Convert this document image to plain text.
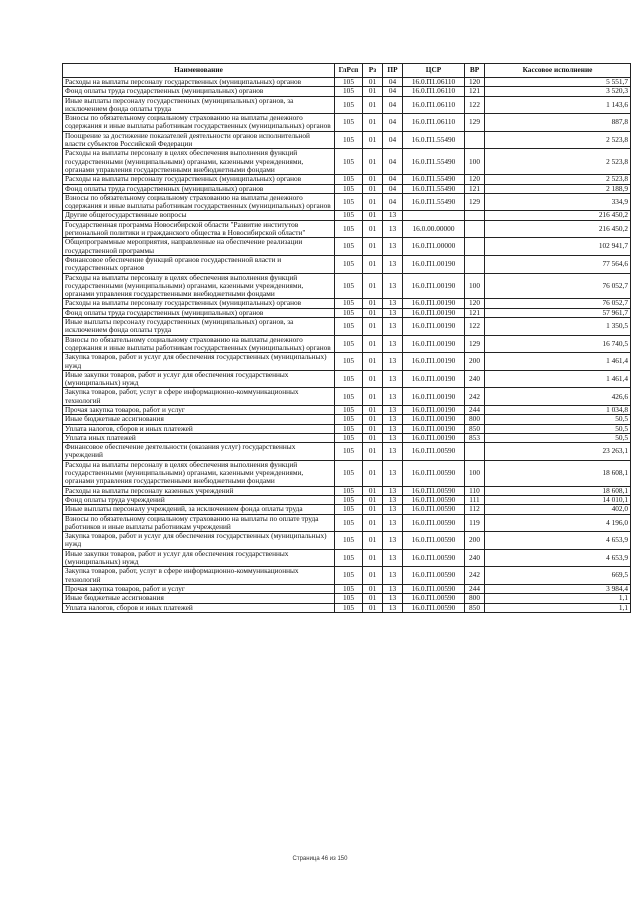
Наименование	ГлРсп	Рз	ПР	ЦСР	ВР	Кассовое исполнение
Расходы на выплаты персоналу государственных (муниципальных) органов	105	01	04	16.0.П1.06110	120	5 551,7
Фонд оплаты труда государственных (муниципальных) органов	105	01	04	16.0.П1.06110	121	3 520,3
Иные выплаты персоналу государственных (муниципальных) органов, за исключением фонда оплаты труда	105	01	04	16.0.П1.06110	122	1 143,6
Взносы по обязательному социальному страхованию на выплаты денежного содержания и иные выплаты работникам государственных (муниципальных) органов	105	01	04	16.0.П1.06110	129	887,8
Поощрение за достижение показателей деятельности органов исполнительной власти субъектов Российской Федерации	105	01	04	16.0.П1.55490		2 523,8
Расходы на выплаты персоналу в целях обеспечения выполнения функций государственными (муниципальными) органами, казенными учреждениями, органами управления государственными внебюджетными фондами	105	01	04	16.0.П1.55490	100	2 523,8
Расходы на выплаты персоналу государственных (муниципальных) органов	105	01	04	16.0.П1.55490	120	2 523,8
Фонд оплаты труда государственных (муниципальных) органов	105	01	04	16.0.П1.55490	121	2 188,9
Взносы по обязательному социальному страхованию на выплаты денежного содержания и иные выплаты работникам государственных (муниципальных) органов	105	01	04	16.0.П1.55490	129	334,9
Другие общегосударственные вопросы	105	01	13			216 450,2
Государственная программа Новосибирской области "Развитие институтов региональной политики и гражданского общества в Новосибирской области"	105	01	13	16.0.00.00000		216 450,2
Общепрограммные мероприятия, направленные на обеспечение реализации государственной программы	105	01	13	16.0.П1.00000		102 941,7
Финансовое обеспечение функций органов государственной власти и государственных органов	105	01	13	16.0.П1.00190		77 564,6
Расходы на выплаты персоналу в целях обеспечения выполнения функций государственными (муниципальными) органами, казенными учреждениями, органами управления государственными внебюджетными фондами	105	01	13	16.0.П1.00190	100	76 052,7
Расходы на выплаты персоналу государственных (муниципальных) органов	105	01	13	16.0.П1.00190	120	76 052,7
Фонд оплаты труда государственных (муниципальных) органов	105	01	13	16.0.П1.00190	121	57 961,7
Иные выплаты персоналу государственных (муниципальных) органов, за исключением фонда оплаты труда	105	01	13	16.0.П1.00190	122	1 350,5
Взносы по обязательному социальному страхованию на выплаты денежного содержания и иные выплаты работникам государственных (муниципальных) органов	105	01	13	16.0.П1.00190	129	16 740,5
Закупка товаров, работ и услуг для обеспечения государственных (муниципальных) нужд	105	01	13	16.0.П1.00190	200	1 461,4
Иные закупки товаров, работ и услуг для обеспечения государственных (муниципальных) нужд	105	01	13	16.0.П1.00190	240	1 461,4
Закупка товаров, работ, услуг в сфере информационно-коммуникационных технологий	105	01	13	16.0.П1.00190	242	426,6
Прочая закупка товаров, работ и услуг	105	01	13	16.0.П1.00190	244	1 034,8
Иные бюджетные ассигнования	105	01	13	16.0.П1.00190	800	50,5
Уплата налогов, сборов и иных платежей	105	01	13	16.0.П1.00190	850	50,5
Уплата иных платежей	105	01	13	16.0.П1.00190	853	50,5
Финансовое обеспечение деятельности (оказания услуг) государственных учреждений	105	01	13	16.0.П1.00590		23 263,1
Расходы на выплаты персоналу в целях обеспечения выполнения функций государственными (муниципальными) органами, казенными учреждениями, органами управления государственными внебюджетными фондами	105	01	13	16.0.П1.00590	100	18 608,1
Расходы на выплаты персоналу казенных учреждений	105	01	13	16.0.П1.00590	110	18 608,1
Фонд оплаты труда учреждений	105	01	13	16.0.П1.00590	111	14 010,1
Иные выплаты персоналу учреждений, за исключением фонда оплаты труда	105	01	13	16.0.П1.00590	112	402,0
Взносы по обязательному социальному страхованию на выплаты по оплате труда работников и иные выплаты работникам учреждений	105	01	13	16.0.П1.00590	119	4 196,0
Закупка товаров, работ и услуг для обеспечения государственных (муниципальных) нужд	105	01	13	16.0.П1.00590	200	4 653,9
Иные закупки товаров, работ и услуг для обеспечения государственных (муниципальных) нужд	105	01	13	16.0.П1.00590	240	4 653,9
Закупка товаров, работ, услуг в сфере информационно-коммуникационных технологий	105	01	13	16.0.П1.00590	242	669,5
Прочая закупка товаров, работ и услуг	105	01	13	16.0.П1.00590	244	3 984,4
Иные бюджетные ассигнования	105	01	13	16.0.П1.00590	800	1,1
Уплата налогов, сборов и иных платежей	105	01	13	16.0.П1.00590	850	1,1
Страница 46 из 150
